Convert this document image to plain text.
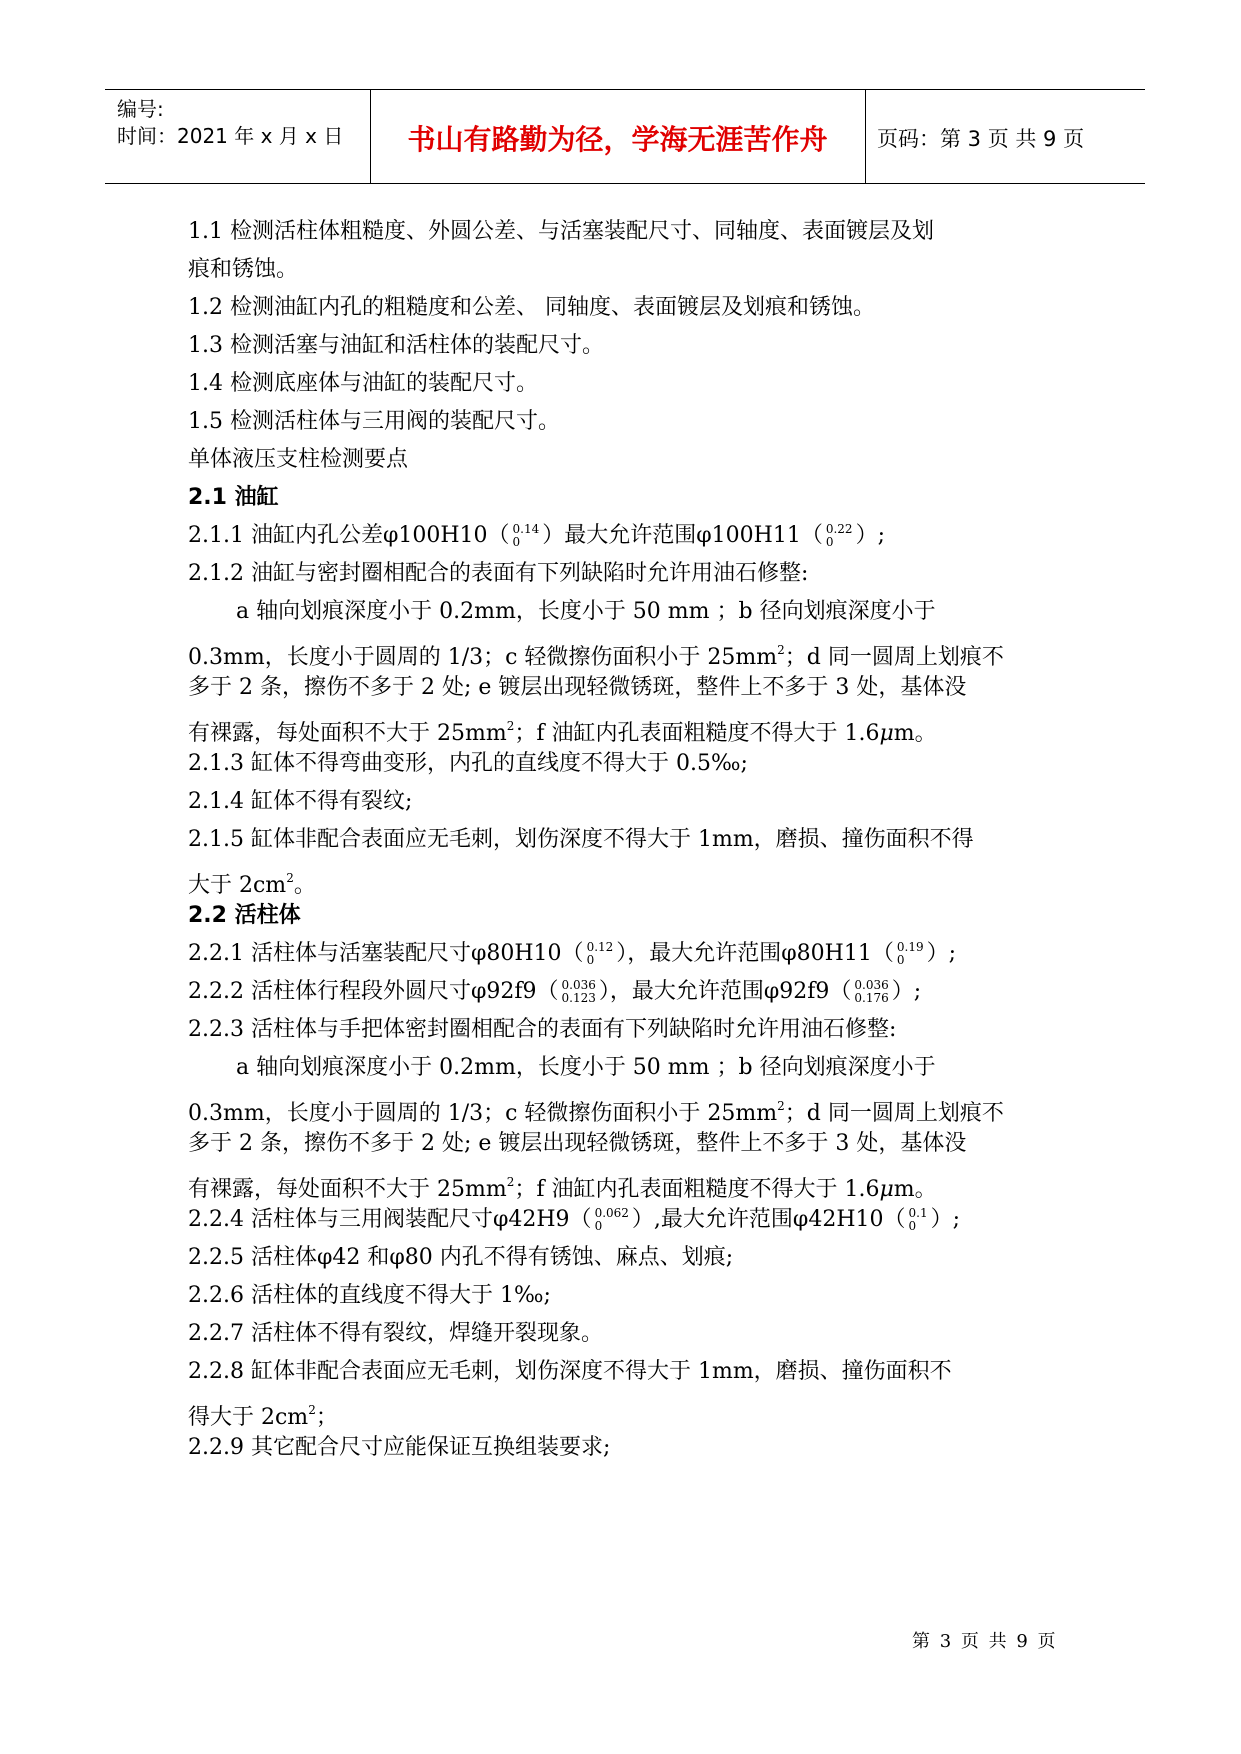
编号:
时间：2021 年 x 月 x 日	书山有路勤为径，学海无涯苦作舟	页码：第 3 页 共 9 页
1.1 检测活柱体粗糙度、外圆公差、与活塞装配尺寸、同轴度、表面镀层及划
痕和锈蚀。
1.2 检测油缸内孔的粗糙度和公差、 同轴度、表面镀层及划痕和锈蚀。
1.3 检测活塞与油缸和活柱体的装配尺寸。
1.4 检测底座体与油缸的装配尺寸。
1.5 检测活柱体与三用阀的装配尺寸。
单体液压支柱检测要点
2.1 油缸
2.1.1 油缸内孔公差φ100H10（ 0.14
0	）最大允许范围φ100H11（ 0.22
0	）;
2.1.2 油缸与密封圈相配合的表面有下列缺陷时允许用油石修整:
a 轴向划痕深度小于 0.2mm，长度小于 50 mm ；b 径向划痕深度小于
0.3mm，长度小于圆周的 1/3；c 轻微擦伤面积小于 $25mm^2$；d 同一圆周上划痕不
多于 2 条，擦伤不多于 2 处; e 镀层出现轻微锈斑，整件上不多于 3 处，基体没
有裸露，每处面积不大于 $25mm^2$；f 油缸内孔表面粗糙度不得大于 1.6μm。
2.1.3 缸体不得弯曲变形，内孔的直线度不得大于 0.5‰;
2.1.4 缸体不得有裂纹;
2.1.5 缸体非配合表面应无毛刺，划伤深度不得大于 1mm，磨损、撞伤面积不得
大于 $2cm^2$。
2.2 活柱体
2.2.1 活柱体与活塞装配尺寸φ80H10（ 0.12
0	），最大允许范围φ80H11（ 0.19
0	）;
2.2.2 活柱体行程段外圆尺寸φ92f9（ 0.036
0.123 ），最大允许范围φ92f9（ 0.036
0.176 ）;
2.2.3 活柱体与手把体密封圈相配合的表面有下列缺陷时允许用油石修整:
a 轴向划痕深度小于 0.2mm，长度小于 50 mm ；b 径向划痕深度小于
0.3mm，长度小于圆周的 1/3；c 轻微擦伤面积小于 $25mm^2$；d 同一圆周上划痕不
多于 2 条，擦伤不多于 2 处; e 镀层出现轻微锈斑，整件上不多于 3 处，基体没
有裸露，每处面积不大于 $25mm^2$；f 油缸内孔表面粗糙度不得大于 1.6μm。
2.2.4 活柱体与三用阀装配尺寸φ42H9（ 0.062
0	）,最大允许范围φ42H10（ 0.1
0 ）;
2.2.5 活柱体φ42 和φ80 内孔不得有锈蚀、麻点、划痕;
2.2.6 活柱体的直线度不得大于 1‰;
2.2.7 活柱体不得有裂纹，焊缝开裂现象。
2.2.8 缸体非配合表面应无毛刺，划伤深度不得大于 1mm，磨损、撞伤面积不
得大于 $2cm^2$；
2.2.9 其它配合尺寸应能保证互换组装要求;
第 3 页 共 9 页
